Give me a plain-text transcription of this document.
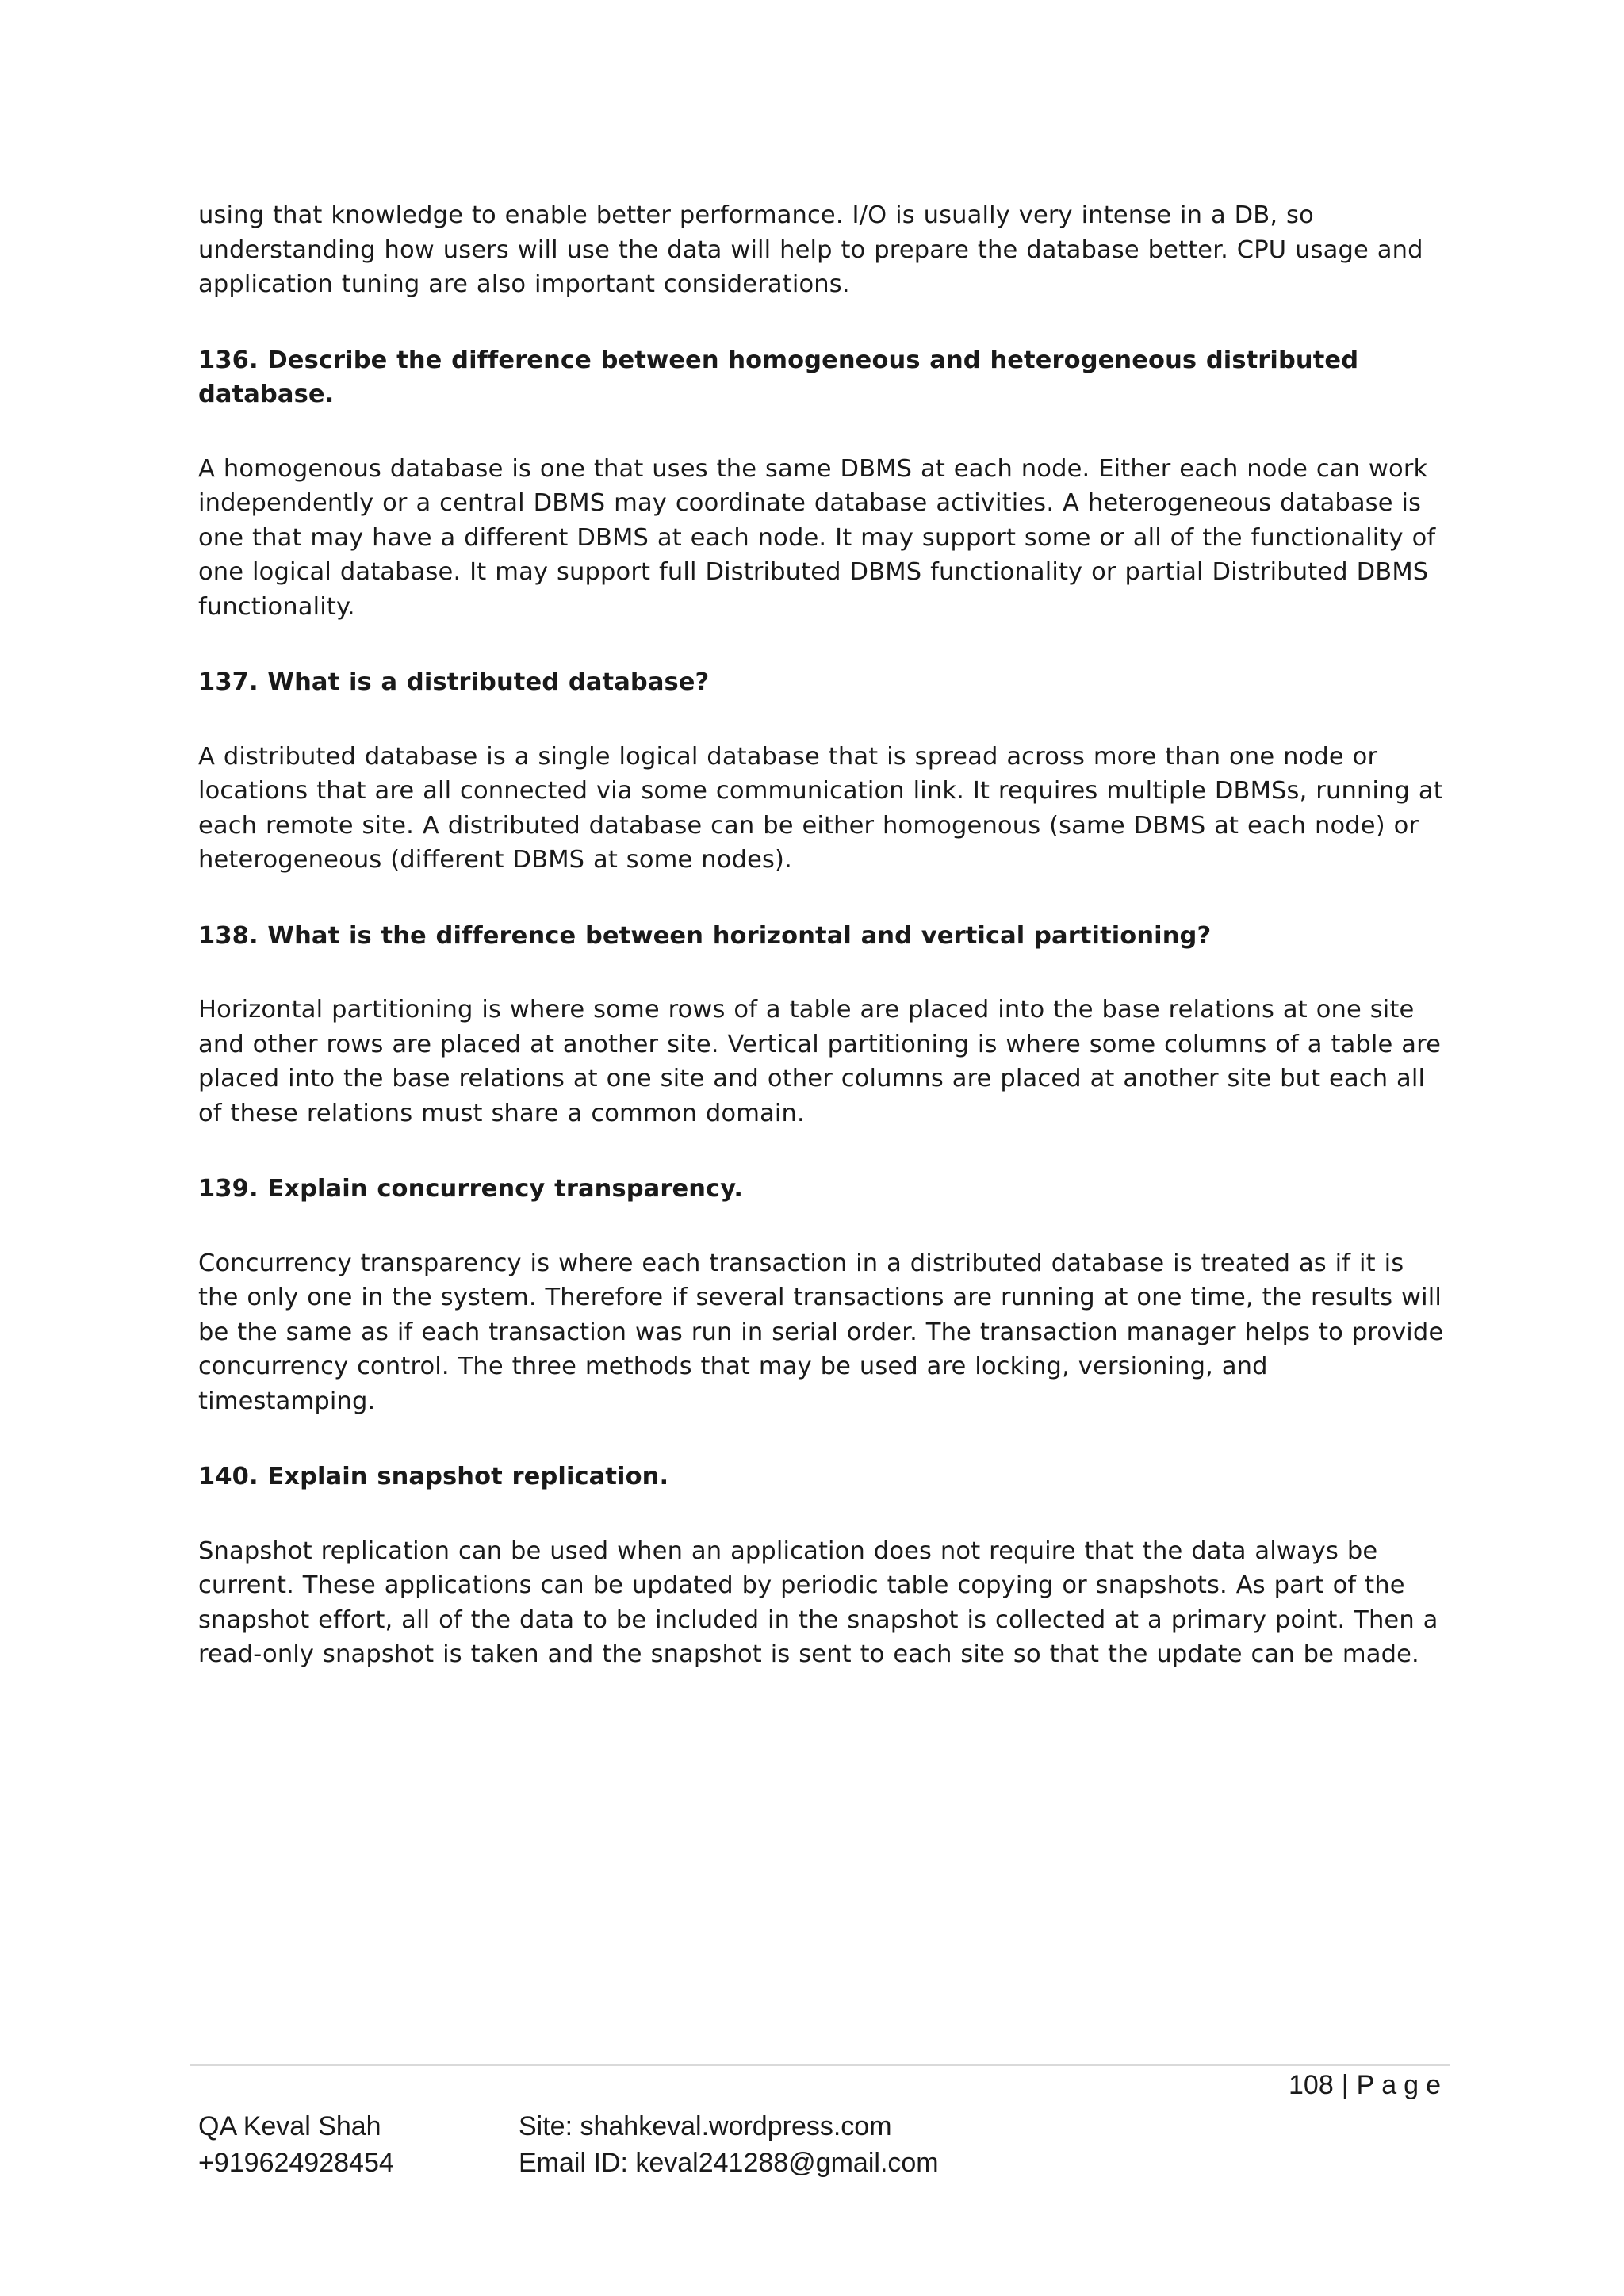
using that knowledge to enable better performance. I/O is usually very intense in a DB, so understanding how users will use the data will help to prepare the database better. CPU usage and application tuning are also important considerations.

136. Describe the difference between homogeneous and heterogeneous distributed database.

A homogenous database is one that uses the same DBMS at each node. Either each node can work independently or a central DBMS may coordinate database activities. A heterogeneous database is one that may have a different DBMS at each node. It may support some or all of the functionality of one logical database. It may support full Distributed DBMS functionality or partial Distributed DBMS functionality.

137. What is a distributed database?

A distributed database is a single logical database that is spread across more than one node or locations that are all connected via some communication link. It requires multiple DBMSs, running at each remote site. A distributed database can be either homogenous (same DBMS at each node) or heterogeneous (different DBMS at some nodes).

138. What is the difference between horizontal and vertical partitioning?

Horizontal partitioning is where some rows of a table are placed into the base relations at one site and other rows are placed at another site. Vertical partitioning is where some columns of a table are placed into the base relations at one site and other columns are placed at another site but each all of these relations must share a common domain.

139. Explain concurrency transparency.

Concurrency transparency is where each transaction in a distributed database is treated as if it is the only one in the system. Therefore if several transactions are running at one time, the results will be the same as if each transaction was run in serial order. The transaction manager helps to provide concurrency control. The three methods that may be used are locking, versioning, and timestamping.

140. Explain snapshot replication.

Snapshot replication can be used when an application does not require that the data always be current. These applications can be updated by periodic table copying or snapshots. As part of the snapshot effort, all of the data to be included in the snapshot is collected at a primary point. Then a read-only snapshot is taken and the snapshot is sent to each site so that the update can be made.

108 | Page
QA Keval Shah
+919624928454
Site: shahkeval.wordpress.com
Email ID: keval241288@gmail.com
